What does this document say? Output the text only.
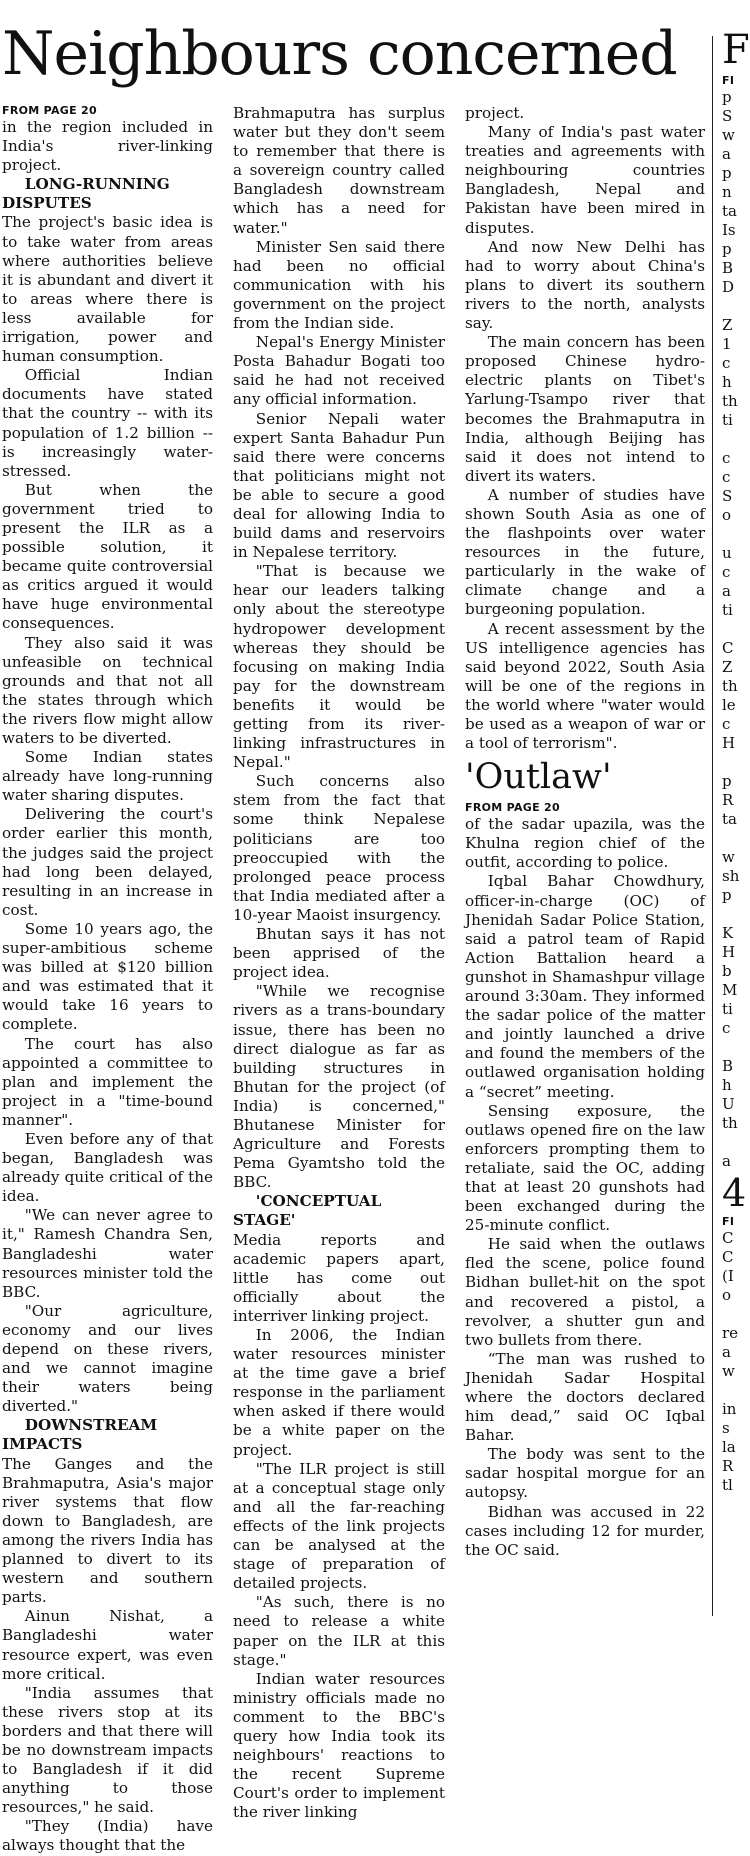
Neighbours concerned
FROM PAGE 20

in the region included in India's river-linking project.

LONG-RUNNING DISPUTES

The project's basic idea is to take water from areas where authorities believe it is abundant and divert it to areas where there is less available for irrigation, power and human consumption.

Official Indian documents have stated that the country -- with its population of 1.2 billion -- is increasingly water-stressed.

But when the government tried to present the ILR as a possible solution, it became quite controversial as critics argued it would have huge environmental consequences.

They also said it was unfeasible on technical grounds and that not all the states through which the rivers flow might allow waters to be diverted.

Some Indian states already have long-running water sharing disputes.

Delivering the court's order earlier this month, the judges said the project had long been delayed, resulting in an increase in cost.

Some 10 years ago, the super-ambitious scheme was billed at $120 billion and was estimated that it would take 16 years to complete.

The court has also appointed a committee to plan and implement the project in a "time-bound manner".

Even before any of that began, Bangladesh was already quite critical of the idea.

"We can never agree to it," Ramesh Chandra Sen, Bangladeshi water resources minister told the BBC.

"Our agriculture, economy and our lives depend on these rivers, and we cannot imagine their waters being diverted."

DOWNSTREAM IMPACTS

The Ganges and the Brahmaputra, Asia's major river systems that flow down to Bangladesh, are among the rivers India has planned to divert to its western and southern parts.

Ainun Nishat, a Bangladeshi water resource expert, was even more critical.

"India assumes that these rivers stop at its borders and that there will be no downstream impacts to Bangladesh if it did anything to those resources," he said.

"They (India) have always thought that the

Brahmaputra has surplus water but they don't seem to remember that there is a sovereign country called Bangladesh downstream which has a need for water."

Minister Sen said there had been no official communication with his government on the project from the Indian side.

Nepal's Energy Minister Posta Bahadur Bogati too said he had not received any official information.

Senior Nepali water expert Santa Bahadur Pun said there were concerns that politicians might not be able to secure a good deal for allowing India to build dams and reservoirs in Nepalese territory.

"That is because we hear our leaders talking only about the stereotype hydropower development whereas they should be focusing on making India pay for the downstream benefits it would be getting from its river-linking infrastructures in Nepal."

Such concerns also stem from the fact that some think Nepalese politicians are too preoccupied with the prolonged peace process that India mediated after a 10-year Maoist insurgency.

Bhutan says it has not been apprised of the project idea.

"While we recognise rivers as a trans-boundary issue, there has been no direct dialogue as far as building structures in Bhutan for the project (of India) is concerned," Bhutanese Minister for Agriculture and Forests Pema Gyamtsho told the BBC.

'CONCEPTUAL STAGE'

Media reports and academic papers apart, little has come out officially about the interriver linking project.

In 2006, the Indian water resources minister at the time gave a brief response in the parliament when asked if there would be a white paper on the project.

"The ILR project is still at a conceptual stage only and all the far-reaching effects of the link projects can be analysed at the stage of preparation of detailed projects.

"As such, there is no need to release a white paper on the ILR at this stage."

Indian water resources ministry officials made no comment to the BBC's query how India took its neighbours' reactions to the recent Supreme Court's order to implement the river linking

project.

Many of India's past water treaties and agreements with neighbouring countries Bangladesh, Nepal and Pakistan have been mired in disputes.

And now New Delhi has had to worry about China's plans to divert its southern rivers to the north, analysts say.

The main concern has been proposed Chinese hydro-electric plants on Tibet's Yarlung-Tsampo river that becomes the Brahmaputra in India, although Beijing has said it does not intend to divert its waters.

A number of studies have shown South Asia as one of the flashpoints over water resources in the future, particularly in the wake of climate change and a burgeoning population.

A recent assessment by the US intelligence agencies has said beyond 2022, South Asia will be one of the regions in the world where "water would be used as a weapon of war or a tool of terrorism".

'Outlaw'
FROM PAGE 20

of the sadar upazila, was the Khulna region chief of the outfit, according to police.

Iqbal Bahar Chowdhury, officer-in-charge (OC) of Jhenidah Sadar Police Station, said a patrol team of Rapid Action Battalion heard a gunshot in Shamashpur village around 3:30am. They informed the sadar police of the matter and jointly launched a drive and found the members of the outlawed organisation holding a “secret” meeting.

Sensing exposure, the outlaws opened fire on the law enforcers prompting them to retaliate, said the OC, adding that at least 20 gunshots had been exchanged during the 25-minute conflict.

He said when the outlaws fled the scene, police found Bidhan bullet-hit on the spot and recovered a pistol, a revolver, a shutter gun and two bullets from there.

“The man was rushed to Jhenidah Sadar Hospital where the doctors declared him dead,” said OC Iqbal Bahar.

The body was sent to the sadar hospital morgue for an autopsy.

Bidhan was accused in 22 cases including 12 for murder, the OC said.

F
FI
p
S
w
a
p
n
ta
Is
p
B
D

Z
1
c
h
th
ti

c
c
S
o

u
c
a
ti

C
Z
th
le
c
H

p
R
ta

w
sh
p

K
H
b
M
ti
c

B
h
U
th

a
4
FI
C
C
(I
o

re
a
w

in
s
la
R
tl
